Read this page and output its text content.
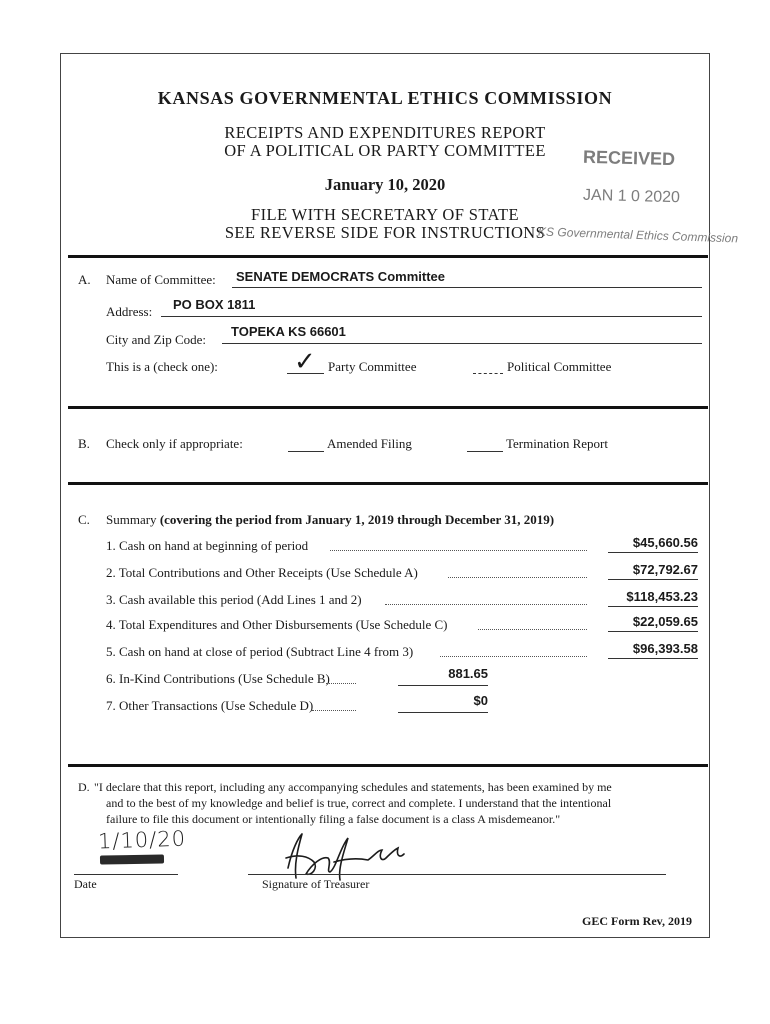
KANSAS GOVERNMENTAL ETHICS COMMISSION
RECEIPTS AND EXPENDITURES REPORT
OF A POLITICAL OR PARTY COMMITTEE
January 10, 2020
FILE WITH SECRETARY OF STATE
SEE REVERSE SIDE FOR INSTRUCTIONS
RECEIVED
JAN 1 0 2020
KS Governmental Ethics Commission
A. Name of Committee: SENATE DEMOCRATS Committee
Address: PO BOX 1811
City and Zip Code:
TOPEKA KS 66601
This is a (check one):	✓ Party Committee	Political Committee
B. Check only if appropriate:	Amended Filing	Termination Report
C. Summary (covering the period from January 1, 2019 through December 31, 2019)
1. Cash on hand at beginning of period	$45,660.56
2. Total Contributions and Other Receipts (Use Schedule A)	$72,792.67
3. Cash available this period (Add Lines 1 and 2)	$118,453.23
4. Total Expenditures and Other Disbursements (Use Schedule C)	$22,059.65
5. Cash on hand at close of period (Subtract Line 4 from 3)	$96,393.58
6. In-Kind Contributions (Use Schedule B)	881.65
7. Other Transactions (Use Schedule D)	$0
D. "I declare that this report, including any accompanying schedules and statements, has been examined by me
and to the best of my knowledge and belief is true, correct and complete. I understand that the intentional
failure to file this document or intentionally filing a false document is a class A misdemeanor."
1/10/20
Date	Signature of Treasurer
GEC Form Rev, 2019
